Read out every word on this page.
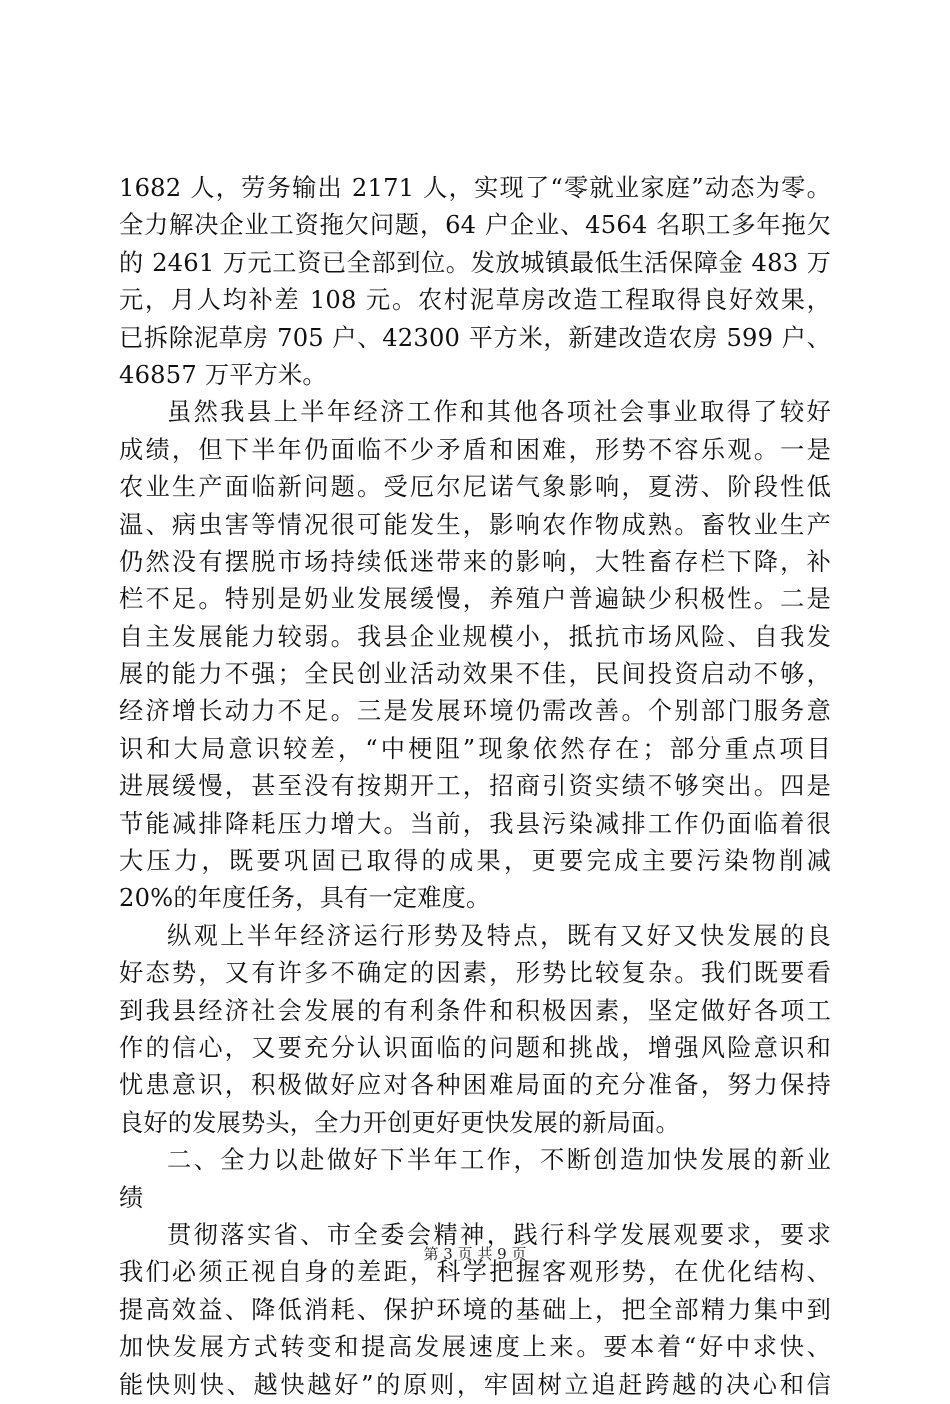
1682 人，劳务输出 2171 人，实现了“零就业家庭”动态为零。
全力解决企业工资拖欠问题，64 户企业、4564 名职工多年拖欠
的 2461 万元工资已全部到位。发放城镇最低生活保障金 483 万
元，月人均补差 108 元。农村泥草房改造工程取得良好效果，
已拆除泥草房 705 户、42300 平方米，新建改造农房 599 户、
46857 万平方米。
虽然我县上半年经济工作和其他各项社会事业取得了较好
成绩，但下半年仍面临不少矛盾和困难，形势不容乐观。一是
农业生产面临新问题。受厄尔尼诺气象影响，夏涝、阶段性低
温、病虫害等情况很可能发生，影响农作物成熟。畜牧业生产
仍然没有摆脱市场持续低迷带来的影响，大牲畜存栏下降，补
栏不足。特别是奶业发展缓慢，养殖户普遍缺少积极性。二是
自主发展能力较弱。我县企业规模小，抵抗市场风险、自我发
展的能力不强；全民创业活动效果不佳，民间投资启动不够，
经济增长动力不足。三是发展环境仍需改善。个别部门服务意
识和大局意识较差，“中梗阻”现象依然存在；部分重点项目
进展缓慢，甚至没有按期开工，招商引资实绩不够突出。四是
节能减排降耗压力增大。当前，我县污染减排工作仍面临着很
大压力，既要巩固已取得的成果，更要完成主要污染物削减
20%的年度任务，具有一定难度。
纵观上半年经济运行形势及特点，既有又好又快发展的良
好态势，又有许多不确定的因素，形势比较复杂。我们既要看
到我县经济社会发展的有利条件和积极因素，坚定做好各项工
作的信心，又要充分认识面临的问题和挑战，增强风险意识和
忧患意识，积极做好应对各种困难局面的充分准备，努力保持
良好的发展势头，全力开创更好更快发展的新局面。
二、全力以赴做好下半年工作，不断创造加快发展的新业
绩
贯彻落实省、市全委会精神，践行科学发展观要求，要求
我们必须正视自身的差距，科学把握客观形势，在优化结构、
提高效益、降低消耗、保护环境的基础上，把全部精力集中到
加快发展方式转变和提高发展速度上来。要本着“好中求快、
能快则快、越快越好”的原则，牢固树立追赶跨越的决心和信
第 3 页 共 9 页
